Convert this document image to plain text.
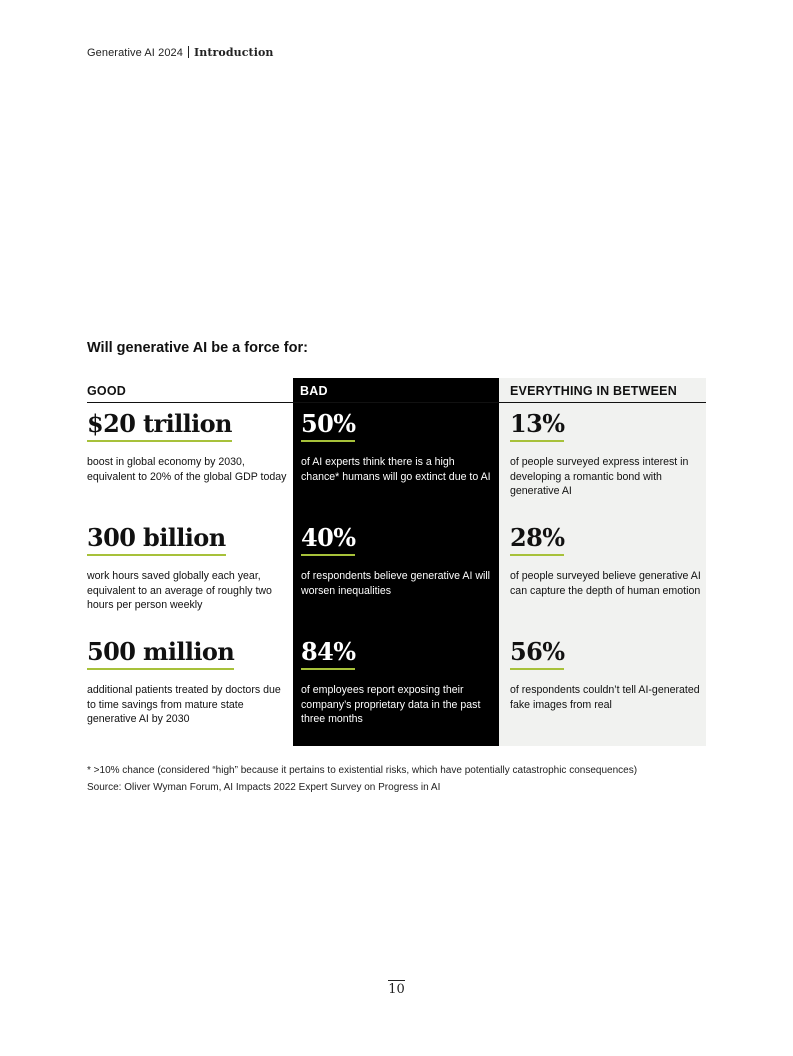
Generative AI 2024 Introduction
Will generative AI be a force for:
GOOD
$20 trillion
boost in global economy by 2030, equivalent to 20% of the global GDP today
300 billion
work hours saved globally each year, equivalent to an average of roughly two hours per person weekly
500 million
additional patients treated by doctors due to time savings from mature state generative AI by 2030
BAD
50%
of AI experts think there is a high chance* humans will go extinct due to AI
40%
of respondents believe generative AI will worsen inequalities
84%
of employees report exposing their company’s proprietary data in the past three months
EVERYTHING IN BETWEEN
13%
of people surveyed express interest in developing a romantic bond with generative AI
28%
of people surveyed believe generative AI can capture the depth of human emotion
56%
of respondents couldn’t tell AI-generated fake images from real
* >10% chance (considered “high” because it pertains to existential risks, which have potentially catastrophic consequences)
Source: Oliver Wyman Forum, AI Impacts 2022 Expert Survey on Progress in AI
10
